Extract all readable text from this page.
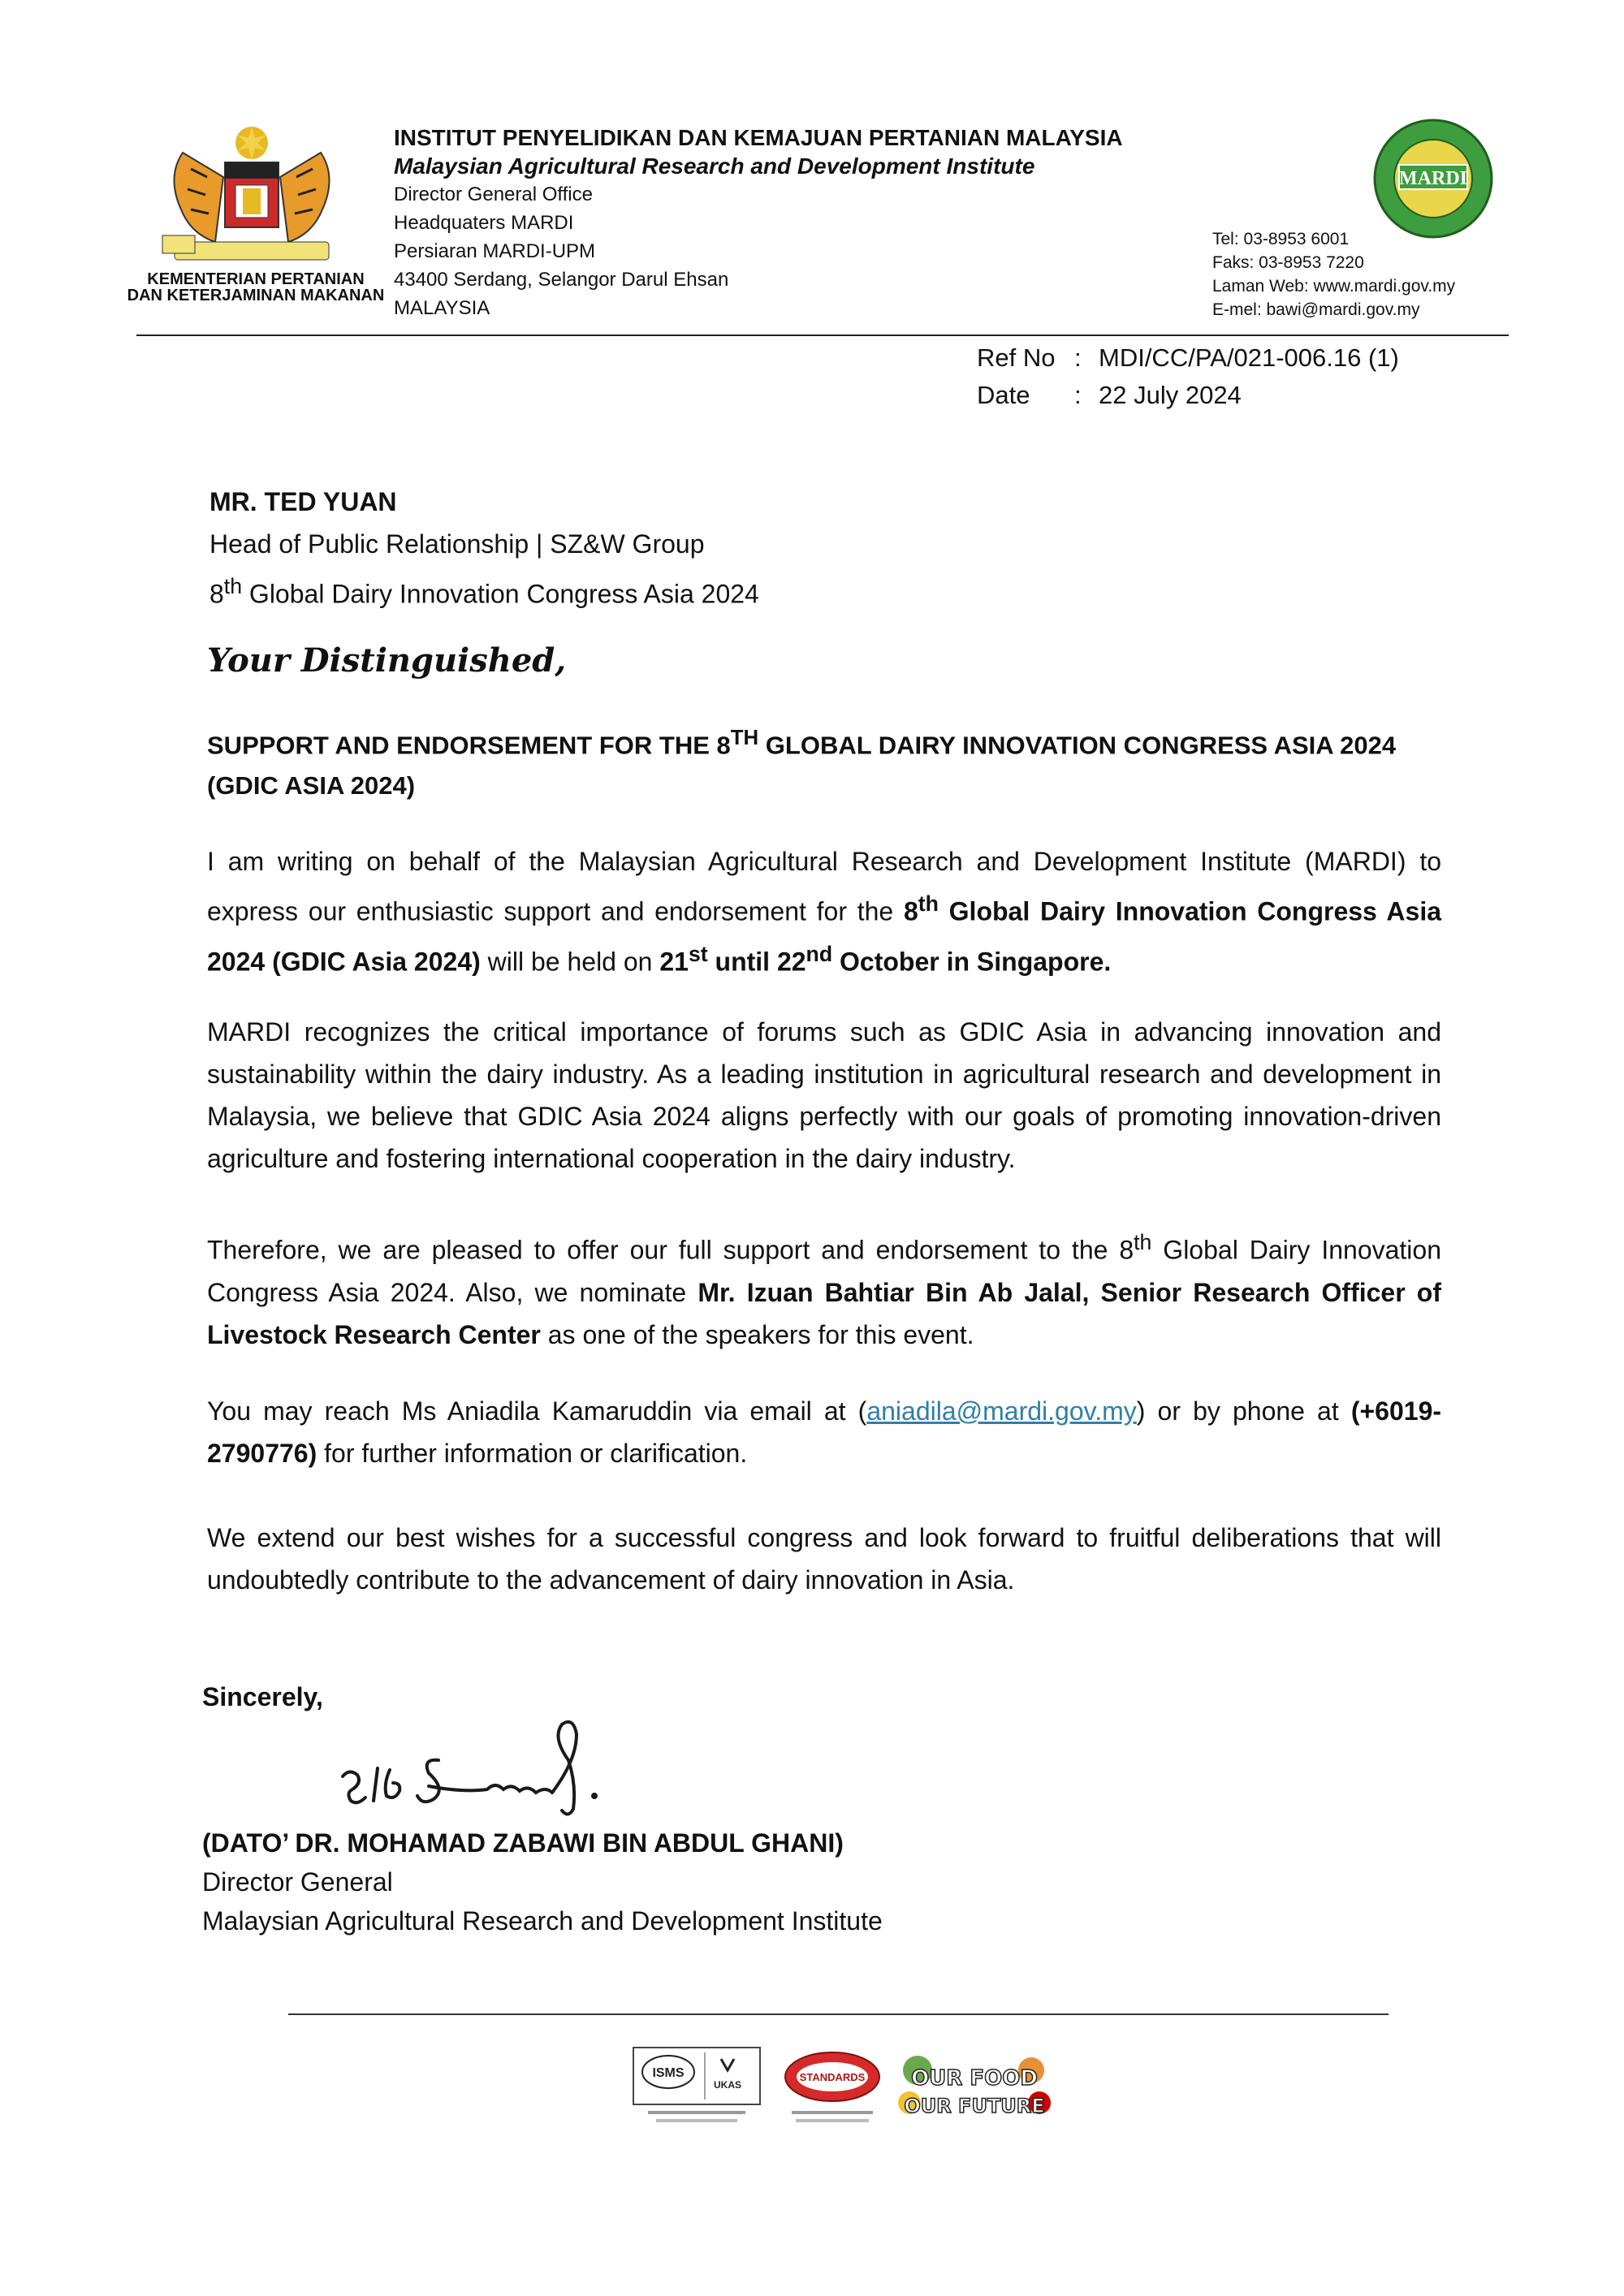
KEMENTERIAN PERTANIAN
DAN KETERJAMINAN MAKANAN
INSTITUT PENYELIDIKAN DAN KEMAJUAN PERTANIAN MALAYSIA
Malaysian Agricultural Research and Development Institute
Director General Office
Headquaters MARDI
Persiaran MARDI-UPM
43400 Serdang, Selangor Darul Ehsan
MALAYSIA
MARDI
Tel: 03-8953 6001
Faks: 03-8953 7220
Laman Web: www.mardi.gov.my
E-mel: bawi@mardi.gov.my
Ref No	:	MDI/CC/PA/021-006.16 (1)
Date	:	22 July 2024
MR. TED YUAN
Head of Public Relationship | SZ&W Group
8th Global Dairy Innovation Congress Asia 2024
Your Distinguished,
SUPPORT AND ENDORSEMENT FOR THE 8TH GLOBAL DAIRY INNOVATION CONGRESS ASIA 2024 (GDIC ASIA 2024)
I am writing on behalf of the Malaysian Agricultural Research and Development Institute (MARDI) to express our enthusiastic support and endorsement for the 8th Global Dairy Innovation Congress Asia 2024 (GDIC Asia 2024) will be held on 21st until 22nd October in Singapore.
MARDI recognizes the critical importance of forums such as GDIC Asia in advancing innovation and sustainability within the dairy industry. As a leading institution in agricultural research and development in Malaysia, we believe that GDIC Asia 2024 aligns perfectly with our goals of promoting innovation-driven agriculture and fostering international cooperation in the dairy industry.
Therefore, we are pleased to offer our full support and endorsement to the 8th Global Dairy Innovation Congress Asia 2024. Also, we nominate Mr. Izuan Bahtiar Bin Ab Jalal, Senior Research Officer of Livestock Research Center as one of the speakers for this event.
You may reach Ms Aniadila Kamaruddin via email at (aniadila@mardi.gov.my) or by phone at (+6019-2790776) for further information or clarification.
We extend our best wishes for a successful congress and look forward to fruitful deliberations that will undoubtedly contribute to the advancement of dairy innovation in Asia.
Sincerely,
(DATO’ DR. MOHAMAD ZABAWI BIN ABDUL GHANI)
Director General
Malaysian Agricultural Research and Development Institute
ISMS
UKAS
STANDARDS OUR FOOD
OUR FUTURE
